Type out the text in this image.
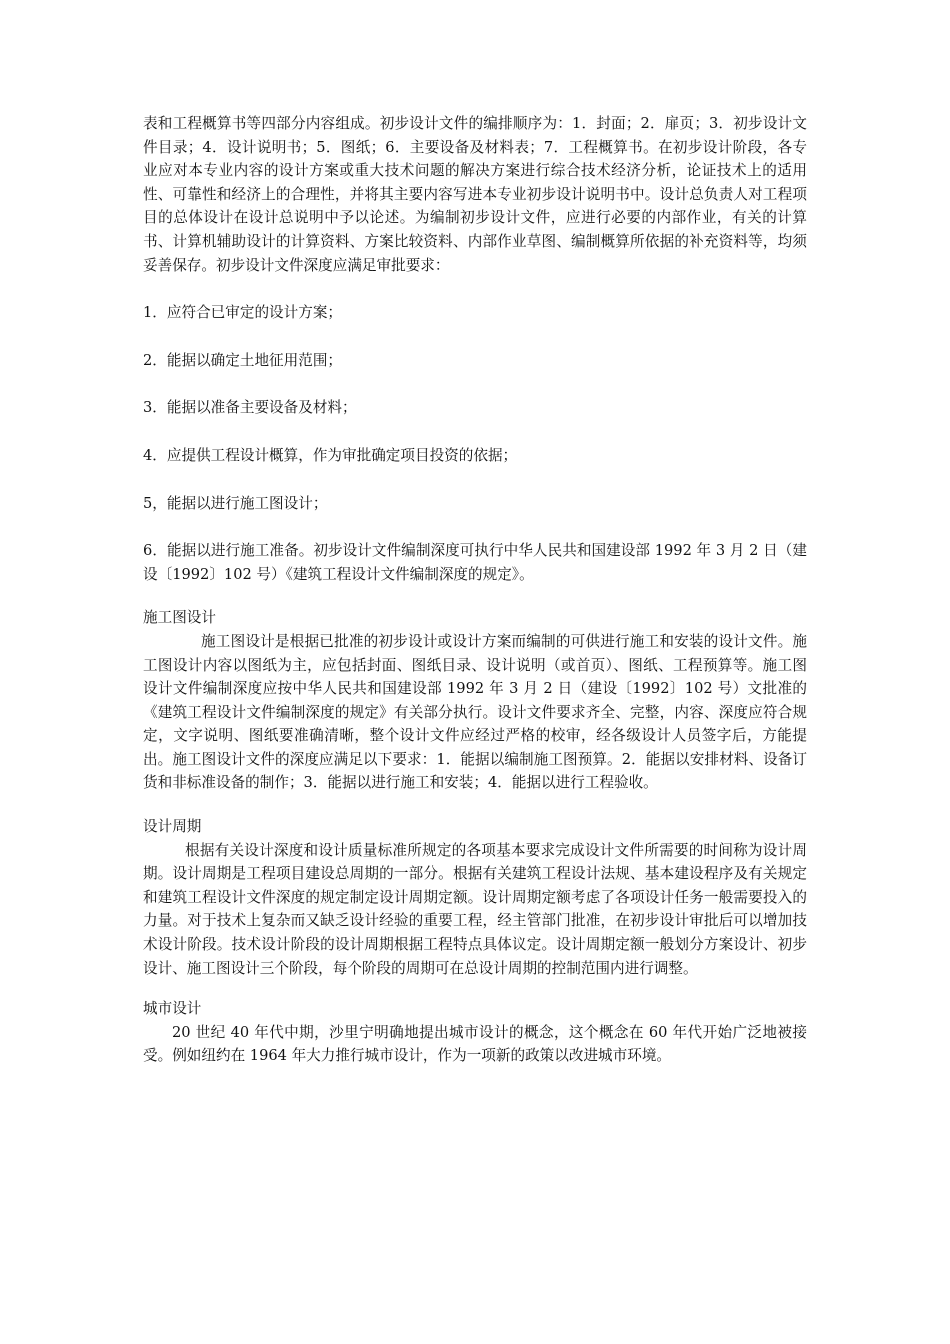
表和工程概算书等四部分内容组成。初步设计文件的编排顺序为：1．封面；2．扉页；3．初步设计文件目录；4．设计说明书；5．图纸；6．主要设备及材料表；7．工程概算书。在初步设计阶段，各专业应对本专业内容的设计方案或重大技术问题的解决方案进行综合技术经济分析，论证技术上的适用性、可靠性和经济上的合理性，并将其主要内容写进本专业初步设计说明书中。设计总负责人对工程项目的总体设计在设计总说明中予以论述。为编制初步设计文件，应进行必要的内部作业，有关的计算书、计算机辅助设计的计算资料、方案比较资料、内部作业草图、编制概算所依据的补充资料等，均须妥善保存。初步设计文件深度应满足审批要求：

1．应符合已审定的设计方案；

2．能据以确定土地征用范围；

3．能据以准备主要设备及材料；

4．应提供工程设计概算，作为审批确定项目投资的依据；

5，能据以进行施工图设计；

6．能据以进行施工准备。初步设计文件编制深度可执行中华人民共和国建设部 1992 年 3 月 2 日（建设〔1992〕102 号）《建筑工程设计文件编制深度的规定》。

施工图设计

施工图设计是根据已批准的初步设计或设计方案而编制的可供进行施工和安装的设计文件。施工图设计内容以图纸为主，应包括封面、图纸目录、设计说明（或首页）、图纸、工程预算等。施工图设计文件编制深度应按中华人民共和国建设部 1992 年 3 月 2 日（建设〔1992〕102 号）文批准的《建筑工程设计文件编制深度的规定》有关部分执行。设计文件要求齐全、完整，内容、深度应符合规定，文字说明、图纸要准确清晰，整个设计文件应经过严格的校审，经各级设计人员签字后，方能提出。施工图设计文件的深度应满足以下要求：1．能据以编制施工图预算。2．能据以安排材料、设备订货和非标准设备的制作；3．能据以进行施工和安装；4．能据以进行工程验收。

设计周期

根据有关设计深度和设计质量标准所规定的各项基本要求完成设计文件所需要的时间称为设计周期。设计周期是工程项目建设总周期的一部分。根据有关建筑工程设计法规、基本建设程序及有关规定和建筑工程设计文件深度的规定制定设计周期定额。设计周期定额考虑了各项设计任务一般需要投入的力量。对于技术上复杂而又缺乏设计经验的重要工程，经主管部门批准，在初步设计审批后可以增加技术设计阶段。技术设计阶段的设计周期根据工程特点具体议定。设计周期定额一般划分方案设计、初步设计、施工图设计三个阶段，每个阶段的周期可在总设计周期的控制范围内进行调整。

城市设计

20 世纪 40 年代中期，沙里宁明确地提出城市设计的概念，这个概念在 60 年代开始广泛地被接受。例如纽约在 1964 年大力推行城市设计，作为一项新的政策以改进城市环境。
